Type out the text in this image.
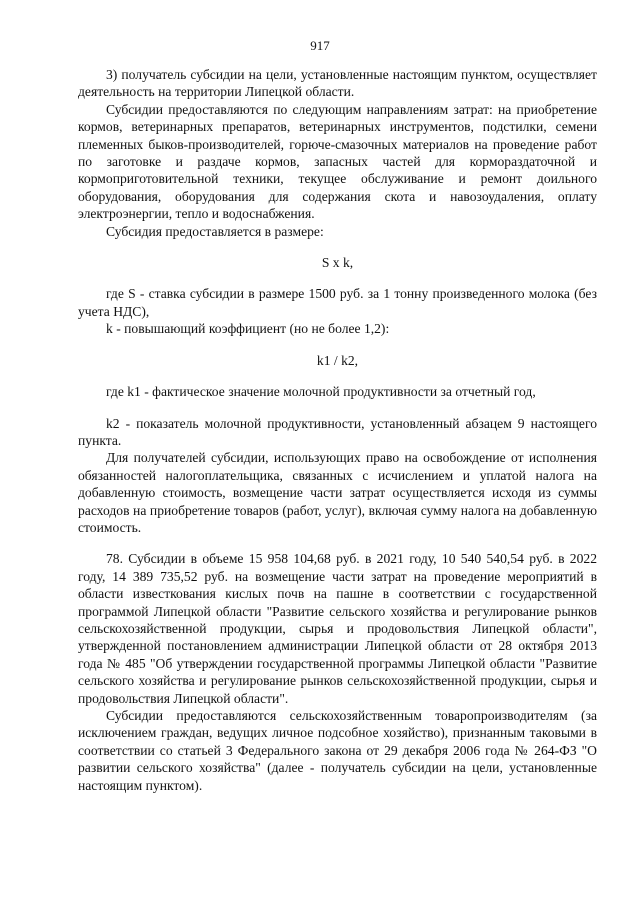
917

3) получатель субсидии на цели, установленные настоящим пунктом, осуществляет деятельность на территории Липецкой области.

Субсидии предоставляются по следующим направлениям затрат: на приобретение кормов, ветеринарных препаратов, ветеринарных инструментов, подстилки, семени племенных быков-производителей, горюче-смазочных материалов на проведение работ по заготовке и раздаче кормов, запасных частей для кормораздаточной и кормоприготовительной техники, текущее обслуживание и ремонт доильного оборудования, оборудования для содержания скота и навозоудаления, оплату электроэнергии, тепло и водоснабжения.

Субсидия предоставляется в размере:

S x k,

где S - ставка субсидии в размере 1500 руб. за 1 тонну произведенного молока (без учета НДС),

k - повышающий коэффициент (но не более 1,2):

k1 / k2,

где k1 - фактическое значение молочной продуктивности за отчетный год,

k2 - показатель молочной продуктивности, установленный абзацем 9 настоящего пункта.

Для получателей субсидии, использующих право на освобождение от исполнения обязанностей налогоплательщика, связанных с исчислением и уплатой налога на добавленную стоимость, возмещение части затрат осуществляется исходя из суммы расходов на приобретение товаров (работ, услуг), включая сумму налога на добавленную стоимость.

78. Субсидии в объеме 15 958 104,68 руб. в 2021 году, 10 540 540,54 руб. в 2022 году, 14 389 735,52 руб. на возмещение части затрат на проведение мероприятий в области известкования кислых почв на пашне в соответствии с государственной программой Липецкой области "Развитие сельского хозяйства и регулирование рынков сельскохозяйственной продукции, сырья и продовольствия Липецкой области", утвержденной постановлением администрации Липецкой области от 28 октября 2013 года № 485 "Об утверждении государственной программы Липецкой области "Развитие сельского хозяйства и регулирование рынков сельскохозяйственной продукции, сырья и продовольствия Липецкой области".

Субсидии предоставляются сельскохозяйственным товаропроизводителям (за исключением граждан, ведущих личное подсобное хозяйство), признанным таковыми в соответствии со статьей 3 Федерального закона от 29 декабря 2006 года № 264-ФЗ "О развитии сельского хозяйства" (далее - получатель субсидии на цели, установленные настоящим пунктом).
